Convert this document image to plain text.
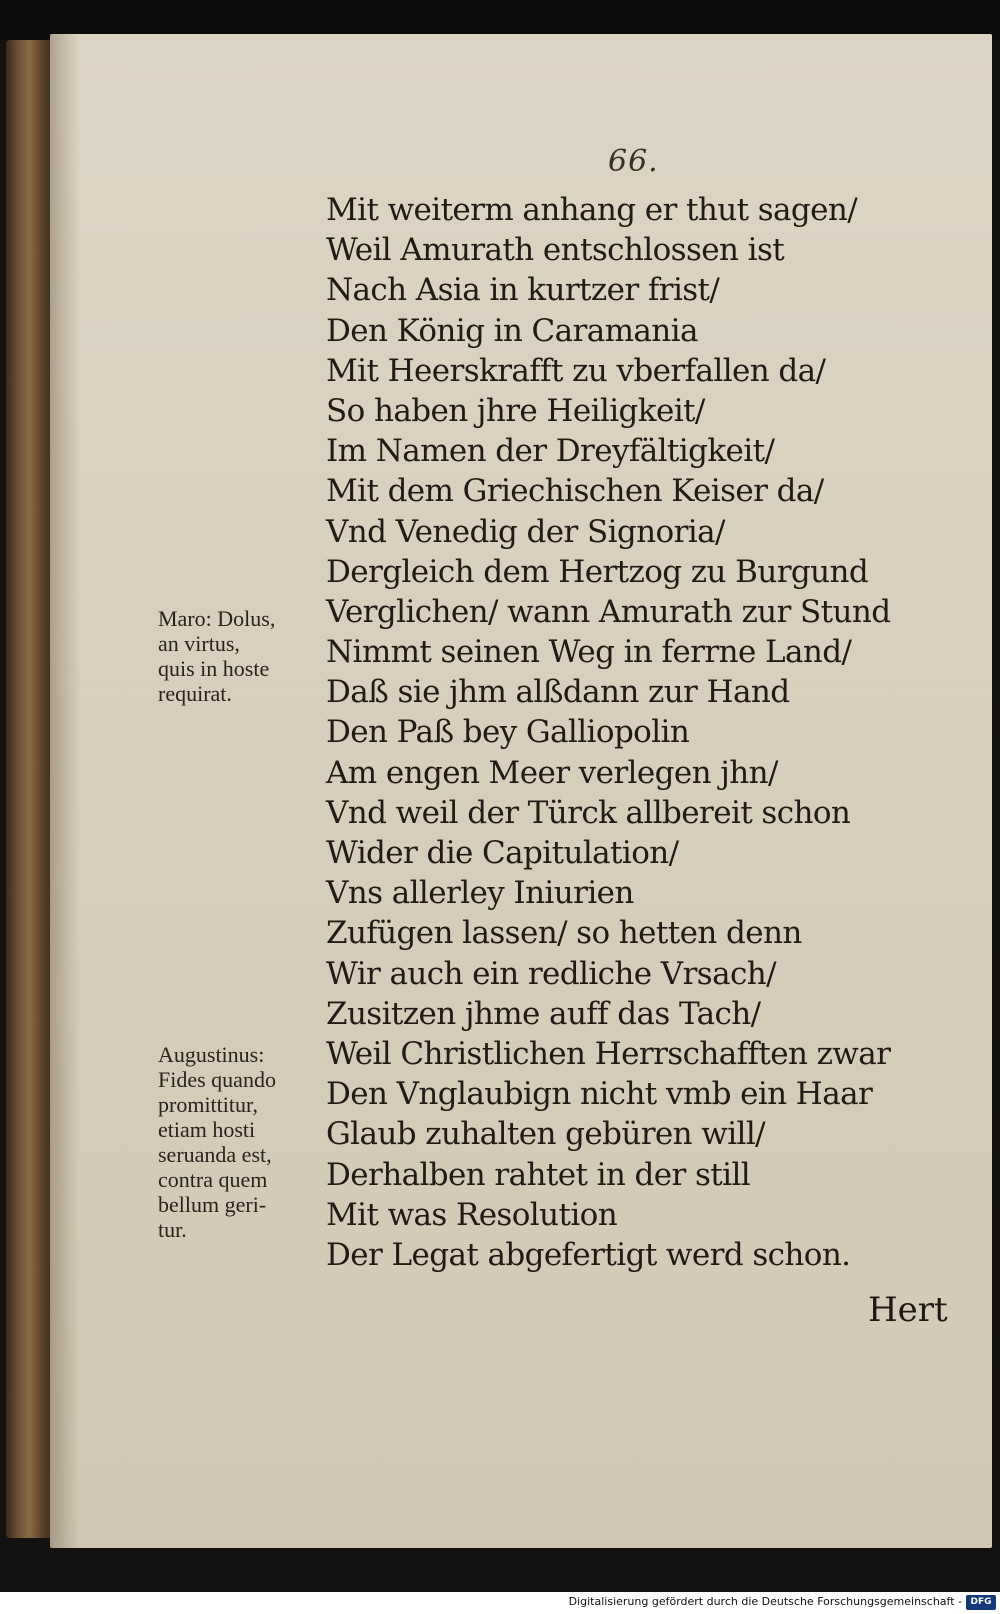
66.
Mit weiterm anhang er thut sagen/
Weil Amurath entschlossen ist
Nach Asia in kurtzer frist/
Den König in Caramania
Mit Heerskrafft zu vberfallen da/
So haben jhre Heiligkeit/
Im Namen der Dreyfältigkeit/
Mit dem Griechischen Keiser da/
Vnd Venedig der Signoria/
Dergleich dem Hertzog zu Burgund
Verglichen/ wann Amurath zur Stund
Nimmt seinen Weg in ferrne Land/
Daß sie jhm alßdann zur Hand
Den Paß bey Galliopolin
Am engen Meer verlegen jhn/
Vnd weil der Türck allbereit schon
Wider die Capitulation/
Vns allerley Iniurien
Zufügen lassen/ so hetten denn
Wir auch ein redliche Vrsach/
Zusitzen jhme auff das Tach/
Weil Christlichen Herrschafften zwar
Den Vnglaubign nicht vmb ein Haar
Glaub zuhalten gebüren will/
Derhalben rahtet in der still
Mit was Resolution
Der Legat abgefertigt werd schon.
Maro: Dolus,
an virtus,
quis in hoste
requirat.
Augustinus:
Fides quando
promittitur,
etiam hosti
seruanda est,
contra quem
bellum geri-
tur.
Hert
Digitalisierung gefördert durch die Deutsche Forschungsgemeinschaft - DFG
